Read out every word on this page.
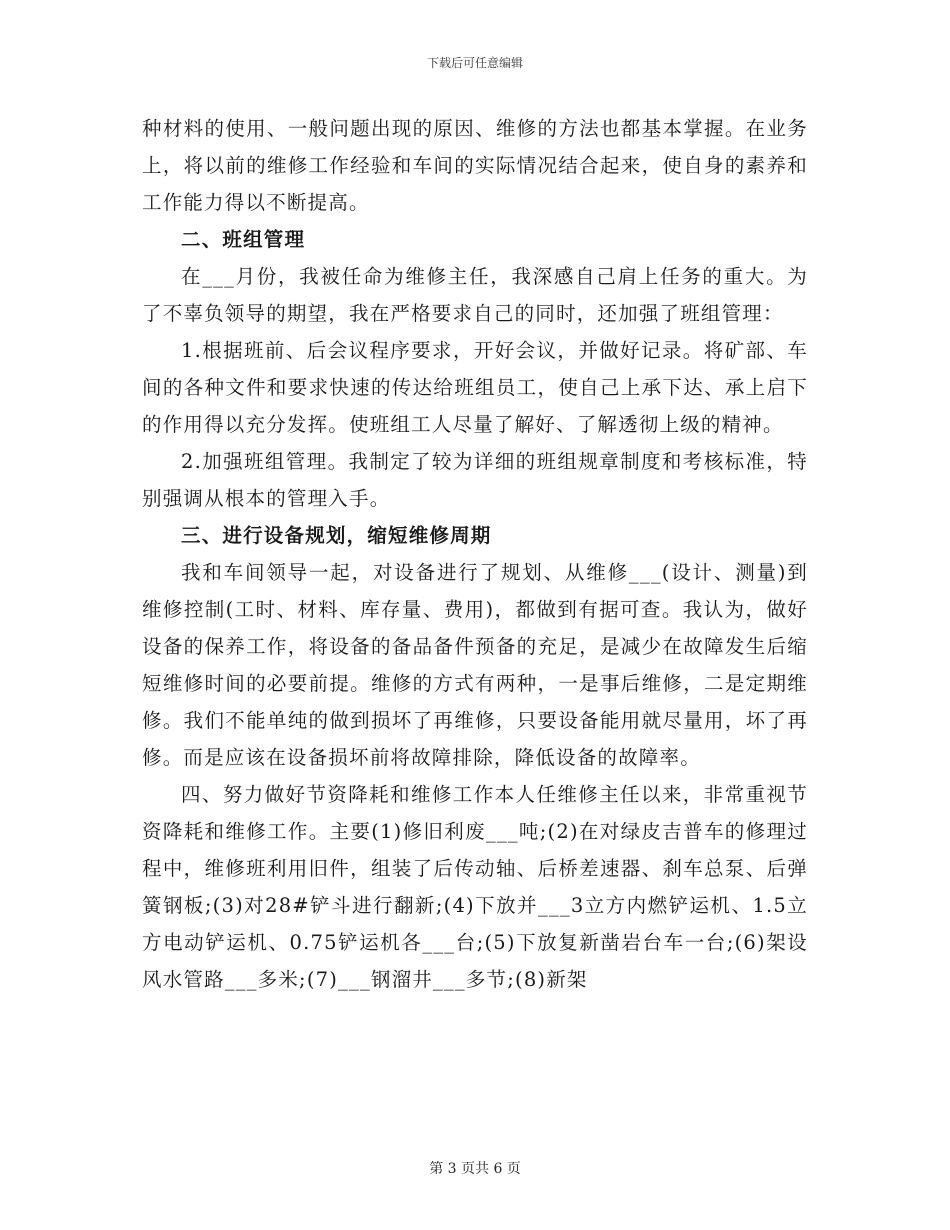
下载后可任意编辑

种材料的使用、一般问题出现的原因、维修的方法也都基本掌握。在业务上，将以前的维修工作经验和车间的实际情况结合起来，使自身的素养和工作能力得以不断提高。

二、班组管理

在___月份，我被任命为维修主任，我深感自己肩上任务的重大。为了不辜负领导的期望，我在严格要求自己的同时，还加强了班组管理：

1.根据班前、后会议程序要求，开好会议，并做好记录。将矿部、车间的各种文件和要求快速的传达给班组员工，使自己上承下达、承上启下的作用得以充分发挥。使班组工人尽量了解好、了解透彻上级的精神。

2.加强班组管理。我制定了较为详细的班组规章制度和考核标准，特别强调从根本的管理入手。

三、进行设备规划，缩短维修周期

我和车间领导一起，对设备进行了规划、从维修___(设计、测量)到维修控制(工时、材料、库存量、费用)，都做到有据可查。我认为，做好设备的保养工作，将设备的备品备件预备的充足，是减少在故障发生后缩短维修时间的必要前提。维修的方式有两种，一是事后维修，二是定期维修。我们不能单纯的做到损坏了再维修，只要设备能用就尽量用，坏了再修。而是应该在设备损坏前将故障排除，降低设备的故障率。

四、努力做好节资降耗和维修工作本人任维修主任以来，非常重视节资降耗和维修工作。主要(1)修旧利废___吨;(2)在对绿皮吉普车的修理过程中，维修班利用旧件，组装了后传动轴、后桥差速器、刹车总泵、后弹簧钢板;(3)对28#铲斗进行翻新;(4)下放并___3立方内燃铲运机、1.5立方电动铲运机、0.75铲运机各___台;(5)下放复新凿岩台车一台;(6)架设风水管路___多米;(7)___钢溜井___多节;(8)新架

第 3 页共 6 页
